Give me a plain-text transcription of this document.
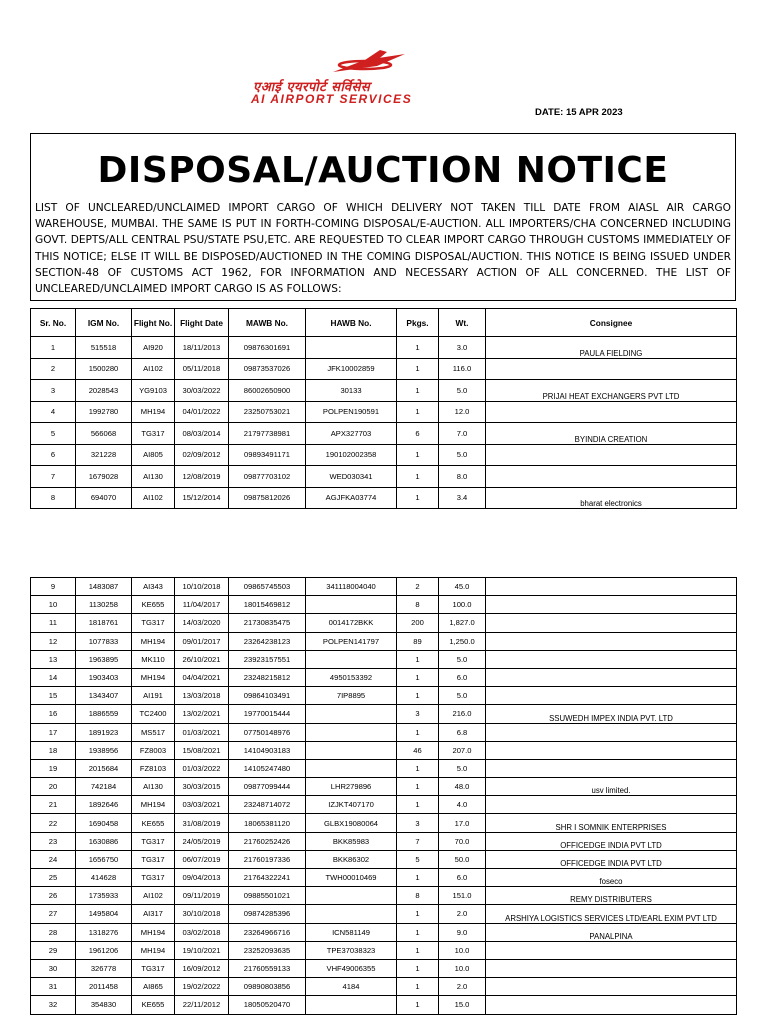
एआई एयरपोर्ट सर्विसेस
AI AIRPORT SERVICES
DATE: 15 APR 2023
DISPOSAL/AUCTION NOTICE
LIST OF UNCLEARED/UNCLAIMED IMPORT CARGO OF WHICH DELIVERY NOT TAKEN TILL DATE FROM AIASL AIR CARGO WAREHOUSE, MUMBAI. THE SAME IS PUT IN FORTH-COMING DISPOSAL/E-AUCTION. ALL IMPORTERS/CHA CONCERNED INCLUDING GOVT. DEPTS/ALL CENTRAL PSU/STATE PSU,ETC. ARE REQUESTED TO CLEAR IMPORT CARGO THROUGH CUSTOMS IMMEDIATELY OF THIS NOTICE; ELSE IT WILL BE DISPOSED/AUCTIONED IN THE COMING DISPOSAL/AUCTION. THIS NOTICE IS BEING ISSUED UNDER SECTION-48 OF CUSTOMS ACT 1962, FOR INFORMATION AND NECESSARY ACTION OF ALL CONCERNED. THE LIST OF UNCLEARED/UNCLAIMED IMPORT CARGO IS AS FOLLOWS:
Sr. No.	IGM No.	Flight No.	Flight Date	MAWB No.	HAWB No.	Pkgs.	Wt.	Consignee
1	515518	AI920	18/11/2013	09876301691		1	3.0	PAULA FIELDING
2	1500280	AI102	05/11/2018	09873537026	JFK10002859	1	116.0	
3	2028543	YG9103	30/03/2022	86002650900	30133	1	5.0	PRIJAI HEAT EXCHANGERS PVT LTD
4	1992780	MH194	04/01/2022	23250753021	POLPEN190591	1	12.0	
5	566068	TG317	08/03/2014	21797738981	APX327703	6	7.0	BYINDIA CREATION
6	321228	AI805	02/09/2012	09893491171	190102002358	1	5.0	
7	1679028	AI130	12/08/2019	09877703102	WED030341	1	8.0	
8	694070	AI102	15/12/2014	09875812026	AGJFKA03774	1	3.4	bharat electronics
9	1483087	AI343	10/10/2018	09865745503	341118004040	2	45.0	
10	1130258	KE655	11/04/2017	18015469812		8	100.0	
11	1818761	TG317	14/03/2020	21730835475	0014172BKK	200	1,827.0	
12	1077833	MH194	09/01/2017	23264238123	POLPEN141797	89	1,250.0	
13	1963895	MK110	26/10/2021	23923157551		1	5.0	
14	1903403	MH194	04/04/2021	23248215812	4950153392	1	6.0	
15	1343407	AI191	13/03/2018	09864103491	7IP8895	1	5.0	
16	1886559	TC2400	13/02/2021	19770015444		3	216.0	SSUWEDH IMPEX INDIA PVT. LTD
17	1891923	MS517	01/03/2021	07750148976		1	6.8	
18	1938956	FZ8003	15/08/2021	14104903183		46	207.0	
19	2015684	FZ8103	01/03/2022	14105247480		1	5.0	
20	742184	AI130	30/03/2015	09877099444	LHR279896	1	48.0	usv limited.
21	1892646	MH194	03/03/2021	23248714072	IZJKT407170	1	4.0	
22	1690458	KE655	31/08/2019	18065381120	GLBX19080064	3	17.0	SHR I SOMNIK ENTERPRISES
23	1630886	TG317	24/05/2019	21760252426	BKK85983	7	70.0	OFFICEDGE INDIA PVT LTD
24	1656750	TG317	06/07/2019	21760197336	BKK86302	5	50.0	OFFICEDGE INDIA PVT LTD
25	414628	TG317	09/04/2013	21764322241	TWH00010469	1	6.0	foseco
26	1735933	AI102	09/11/2019	09885501021		8	151.0	REMY DISTRIBUTERS
27	1495804	AI317	30/10/2018	09874285396		1	2.0	ARSHIYA LOGISTICS SERVICES LTD/EARL EXIM PVT LTD
28	1318276	MH194	03/02/2018	23264966716	ICN581149	1	9.0	PANALPINA
29	1961206	MH194	19/10/2021	23252093635	TPE37038323	1	10.0	
30	326778	TG317	16/09/2012	21760559133	VHF49006355	1	10.0	
31	2011458	AI865	19/02/2022	09890803856	4184	1	2.0	
32	354830	KE655	22/11/2012	18050520470		1	15.0	
